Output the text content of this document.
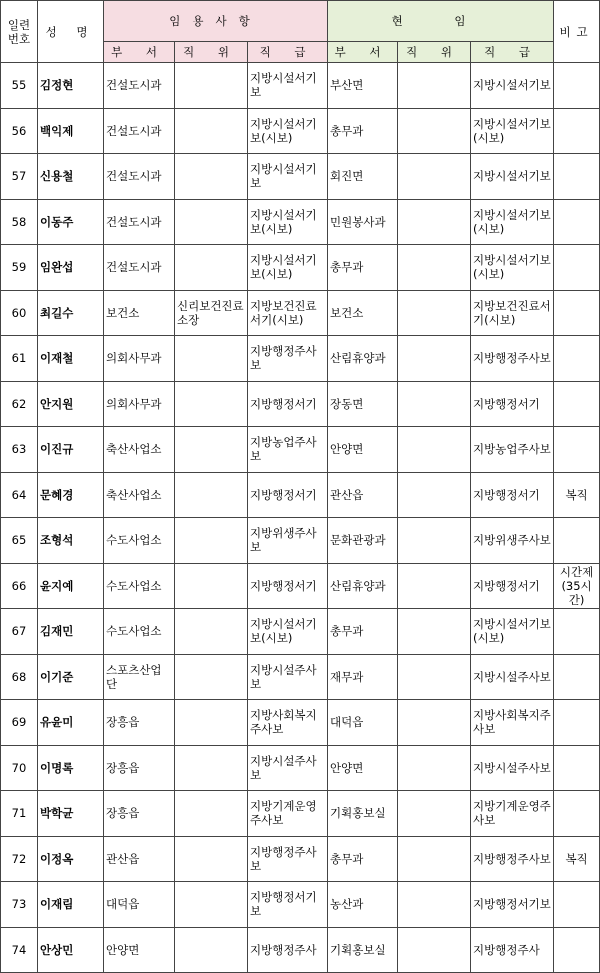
일련번호	성 명	임용사항			현 임			비고
		부 서	직 위	직 급	부 서	직 위	직 급	
55	김정현	건설도시과		지방시설서기보	부산면		지방시설서기보	
56	백익제	건설도시과		지방시설서기보(시보)	총무과		지방시설서기보(시보)	
57	신용철	건설도시과		지방시설서기보	회진면		지방시설서기보	
58	이동주	건설도시과		지방시설서기보(시보)	민원봉사과		지방시설서기보(시보)	
59	임완섭	건설도시과		지방시설서기보(시보)	총무과		지방시설서기보(시보)	
60	최길수	보건소	신리보건진료소장	지방보건진료서기(시보)	보건소		지방보건진료서기(시보)	
61	이재철	의회사무과		지방행정주사보	산림휴양과		지방행정주사보	
62	안지원	의회사무과		지방행정서기	장동면		지방행정서기	
63	이진규	축산사업소		지방농업주사보	안양면		지방농업주사보	
64	문혜경	축산사업소		지방행정서기	관산읍		지방행정서기	복직
65	조형석	수도사업소		지방위생주사보	문화관광과		지방위생주사보	
66	윤지예	수도사업소		지방행정서기	산림휴양과		지방행정서기	시간제(35시간)
67	김재민	수도사업소		지방시설서기보(시보)	총무과		지방시설서기보(시보)	
68	이기준	스포츠산업단		지방시설주사보	재무과		지방시설주사보	
69	유윤미	장흥읍		지방사회복지주사보	대덕읍		지방사회복지주사보	
70	이명록	장흥읍		지방시설주사보	안양면		지방시설주사보	
71	박학균	장흥읍		지방기계운영주사보	기획홍보실		지방기계운영주사보	
72	이정옥	관산읍		지방행정주사보	총무과		지방행정주사보	복직
73	이재림	대덕읍		지방행정서기보	농산과		지방행정서기보	
74	안상민	안양면		지방행정주사	기획홍보실		지방행정주사	
